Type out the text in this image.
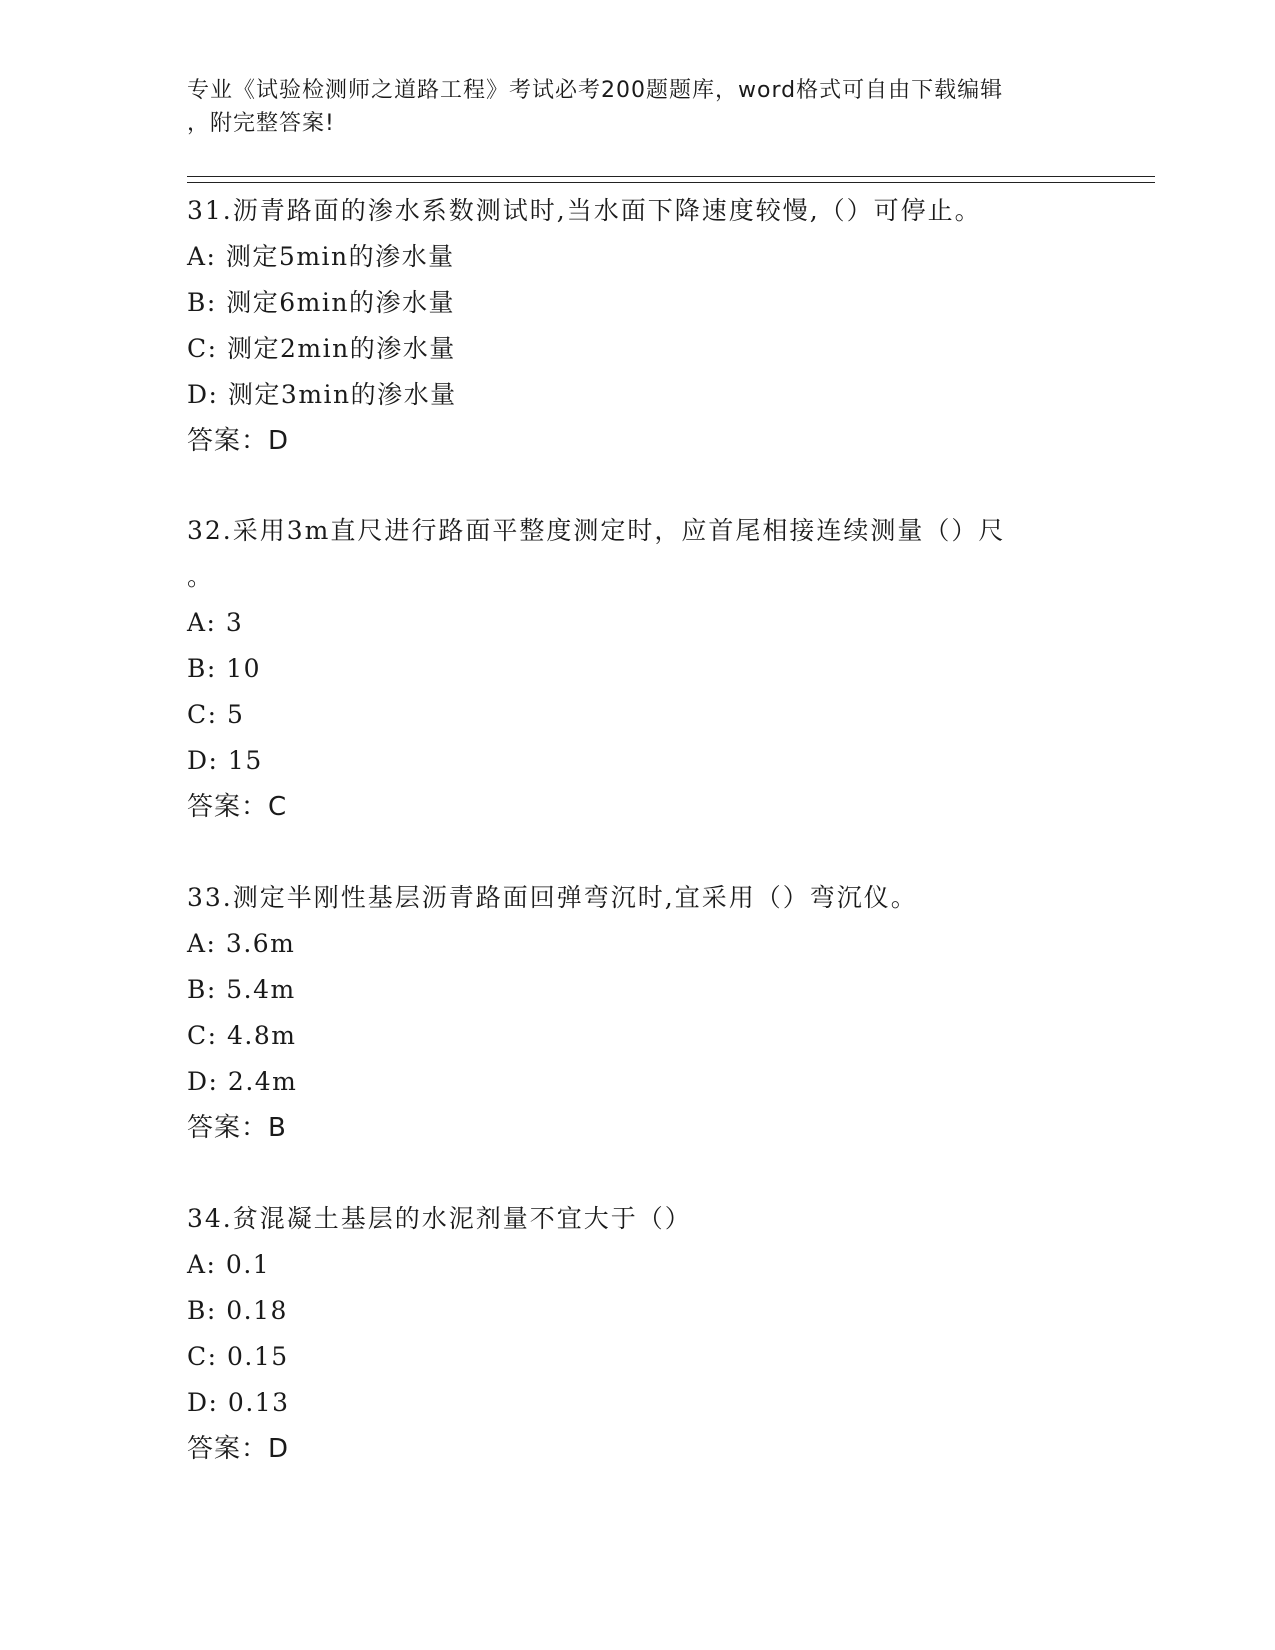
专业《试验检测师之道路工程》考试必考200题题库，word格式可自由下载编辑
，附完整答案!
31.沥青路面的渗水系数测试时,当水面下降速度较慢,（）可停止。
A: 测定5min的渗水量
B: 测定6min的渗水量
C: 测定2min的渗水量
D: 测定3min的渗水量
答案：D
32.采用3m直尺进行路面平整度测定时，应首尾相接连续测量（）尺
。
A: 3
B: 10
C: 5
D: 15
答案：C
33.测定半刚性基层沥青路面回弹弯沉时,宜采用（）弯沉仪。
A: 3.6m
B: 5.4m
C: 4.8m
D: 2.4m
答案：B
34.贫混凝土基层的水泥剂量不宜大于（）
A: 0.1
B: 0.18
C: 0.15
D: 0.13
答案：D
